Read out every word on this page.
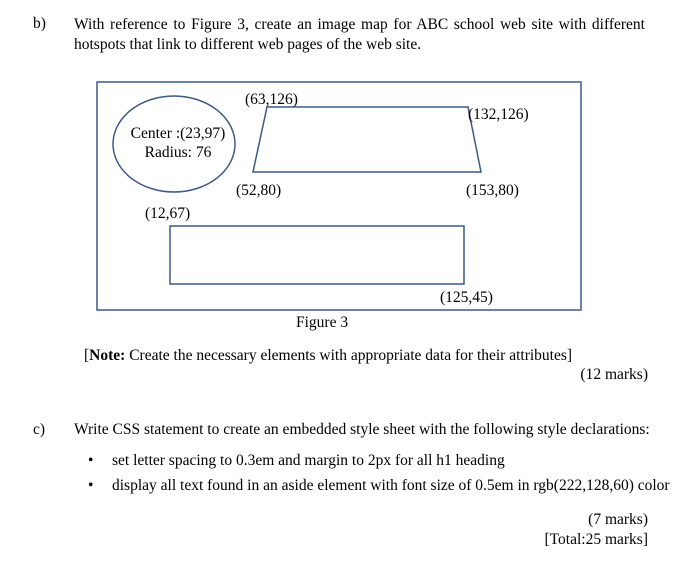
b) With reference to Figure 3, create an image map for ABC school web site with different hotspots that link to different web pages of the web site.
Center :(23,97)
Radius: 76
(63,126)
(132,126)
(52,80)	(153,80)
(12,67)
(125,45)
Figure 3
[Note: Create the necessary elements with appropriate data for their attributes]
(12 marks)
c) Write CSS statement to create an embedded style sheet with the following style declarations:
• set letter spacing to 0.3em and margin to 2px for all h1 heading
• display all text found in an aside element with font size of 0.5em in rgb(222,128,60) color
(7 marks)
[Total:25 marks]
